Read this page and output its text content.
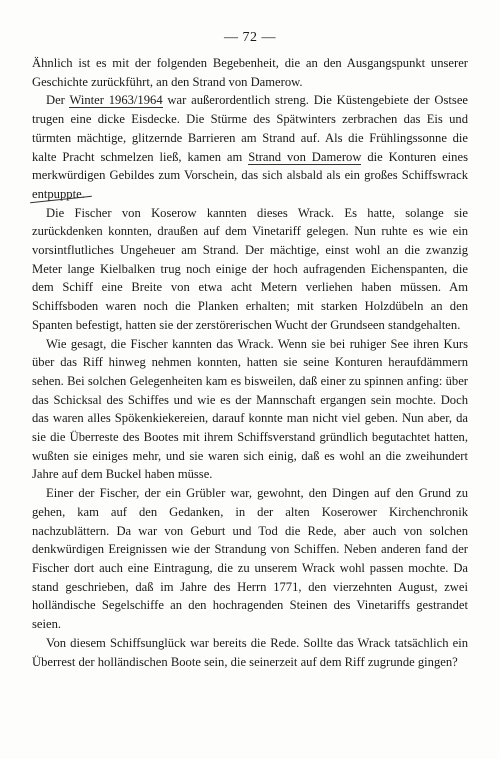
— 72 —

Ähnlich ist es mit der folgenden Begebenheit, die an den Ausgangspunkt unserer Geschichte zurückführt, an den Strand von Damerow.

Der Winter 1963/1964 war außerordentlich streng. Die Küstengebiete der Ostsee trugen eine dicke Eisdecke. Die Stürme des Spätwinters zerbrachen das Eis und türmten mächtige, glitzernde Barrieren am Strand auf. Als die Frühlingssonne die kalte Pracht schmelzen ließ, kamen am Strand von Damerow die Konturen eines merkwürdigen Gebildes zum Vorschein, das sich alsbald als ein großes Schiffswrack entpuppte.

Die Fischer von Koserow kannten dieses Wrack. Es hatte, solange sie zurückdenken konnten, draußen auf dem Vinetariff gelegen. Nun ruhte es wie ein vorsintflutliches Ungeheuer am Strand. Der mächtige, einst wohl an die zwanzig Meter lange Kielbalken trug noch einige der hoch aufragenden Eichenspanten, die dem Schiff eine Breite von etwa acht Metern verliehen haben müssen. Am Schiffsboden waren noch die Planken erhalten; mit starken Holzdübeln an den Spanten befestigt, hatten sie der zerstörerischen Wucht der Grundseen standgehalten.

Wie gesagt, die Fischer kannten das Wrack. Wenn sie bei ruhiger See ihren Kurs über das Riff hinweg nehmen konnten, hatten sie seine Konturen heraufdämmern sehen. Bei solchen Gelegenheiten kam es bisweilen, daß einer zu spinnen anfing: über das Schicksal des Schiffes und wie es der Mannschaft ergangen sein mochte. Doch das waren alles Spökenkiekereien, darauf konnte man nicht viel geben. Nun aber, da sie die Überreste des Bootes mit ihrem Schiffsverstand gründlich begutachtet hatten, wußten sie einiges mehr, und sie waren sich einig, daß es wohl an die zweihundert Jahre auf dem Buckel haben müsse.

Einer der Fischer, der ein Grübler war, gewohnt, den Dingen auf den Grund zu gehen, kam auf den Gedanken, in der alten Koserower Kirchenchronik nachzublättern. Da war von Geburt und Tod die Rede, aber auch von solchen denkwürdigen Ereignissen wie der Strandung von Schiffen. Neben anderen fand der Fischer dort auch eine Eintragung, die zu unserem Wrack wohl passen mochte. Da stand geschrieben, daß im Jahre des Herrn 1771, den vierzehnten August, zwei holländische Segelschiffe an den hochragenden Steinen des Vinetariffs gestrandet seien.

Von diesem Schiffsunglück war bereits die Rede. Sollte das Wrack tatsächlich ein Überrest der holländischen Boote sein, die seinerzeit auf dem Riff zugrunde gingen?
